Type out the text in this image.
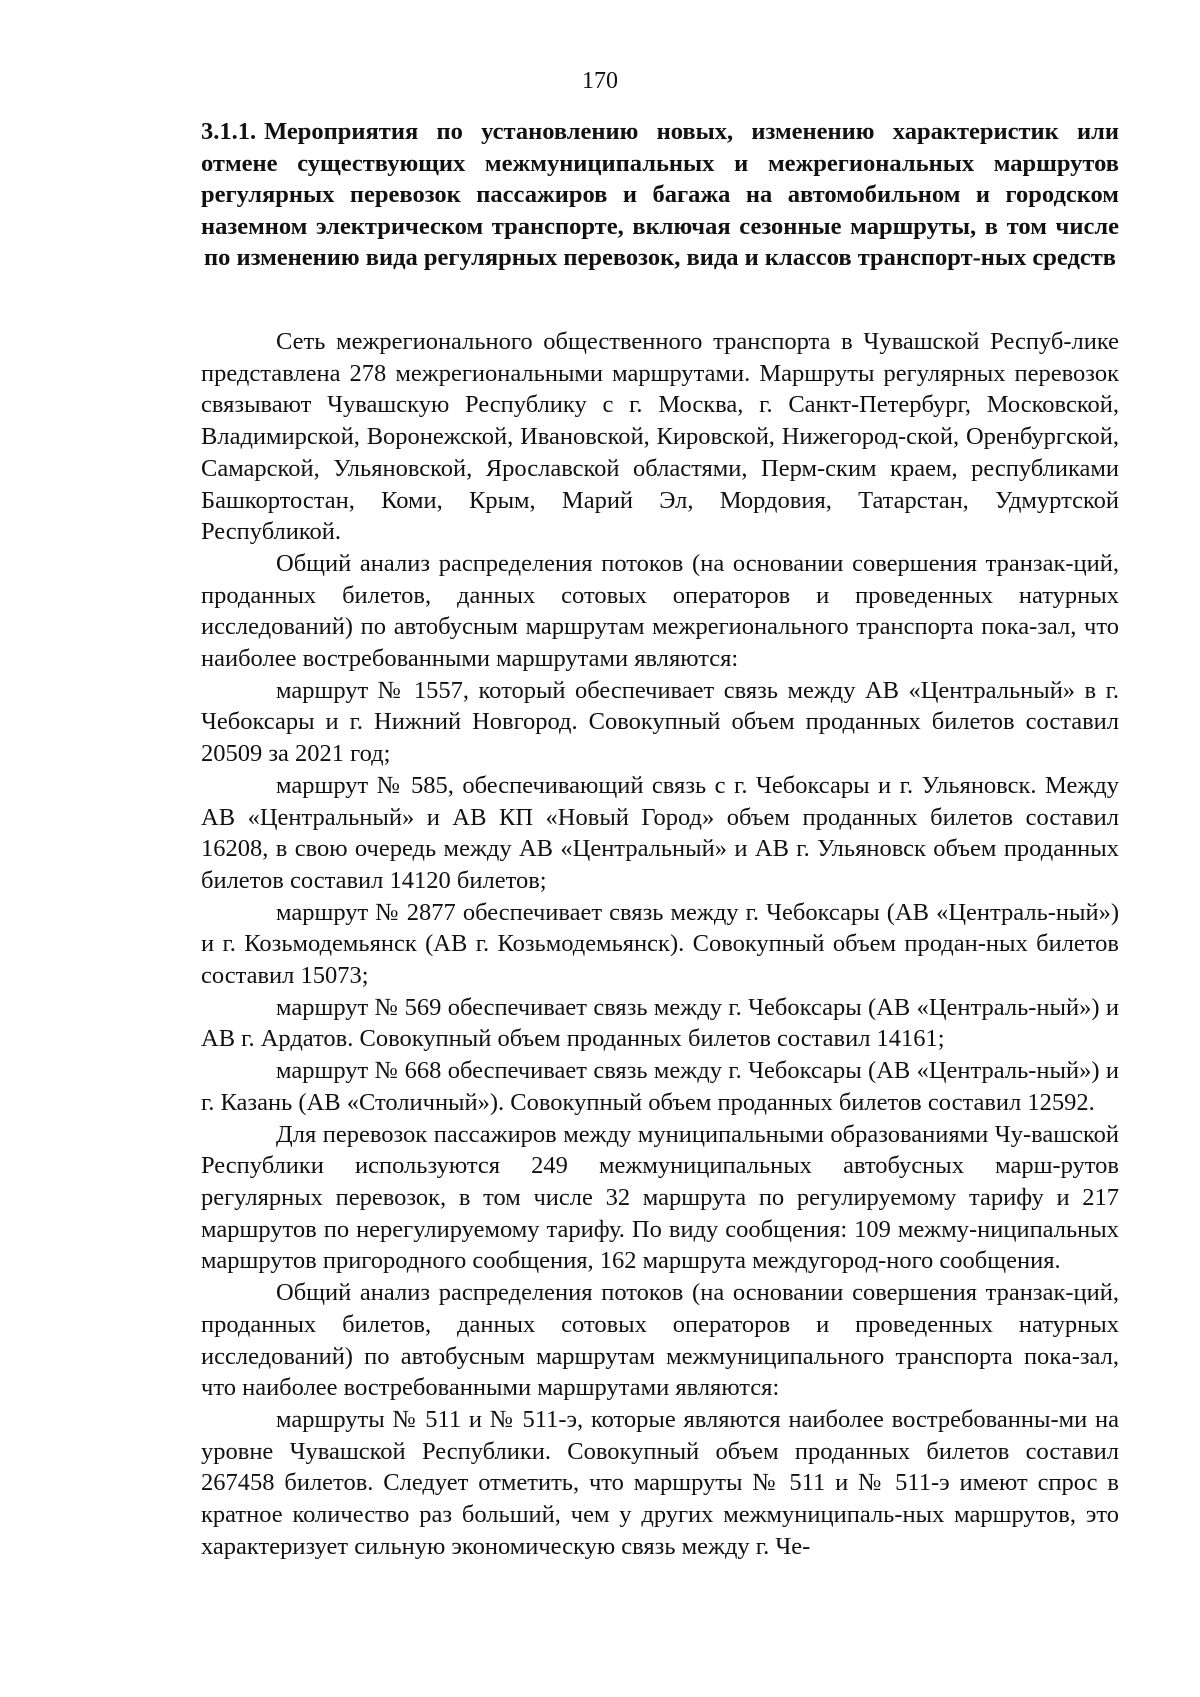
170
3.1.1. Мероприятия по установлению новых, изменению характеристик или отмене существующих межмуниципальных и межрегиональных маршрутов регулярных перевозок пассажиров и багажа на автомобильном и городском наземном электрическом транспорте, включая сезонные маршруты, в том числе по изменению вида регулярных перевозок, вида и классов транспорт-ных средств

Сеть межрегионального общественного транспорта в Чувашской Респуб-лике представлена 278 межрегиональными маршрутами. Маршруты регулярных перевозок связывают Чувашскую Республику с г. Москва, г. Санкт-Петербург, Московской, Владимирской, Воронежской, Ивановской, Кировской, Нижегород-ской, Оренбургской, Самарской, Ульяновской, Ярославской областями, Перм-ским краем, республиками Башкортостан, Коми, Крым, Марий Эл, Мордовия, Татарстан, Удмуртской Республикой.

Общий анализ распределения потоков (на основании совершения транзак-ций, проданных билетов, данных сотовых операторов и проведенных натурных исследований) по автобусным маршрутам межрегионального транспорта пока-зал, что наиболее востребованными маршрутами являются:

маршрут № 1557, который обеспечивает связь между АВ «Центральный» в г. Чебоксары и г. Нижний Новгород. Совокупный объем проданных билетов составил 20509 за 2021 год;

маршрут № 585, обеспечивающий связь с г. Чебоксары и г. Ульяновск. Между АВ «Центральный» и АВ КП «Новый Город» объем проданных билетов составил 16208, в свою очередь между АВ «Центральный» и АВ г. Ульяновск объем проданных билетов составил 14120 билетов;

маршрут № 2877 обеспечивает связь между г. Чебоксары (АВ «Централь-ный») и г. Козьмодемьянск (АВ г. Козьмодемьянск). Совокупный объем продан-ных билетов составил 15073;

маршрут № 569 обеспечивает связь между г. Чебоксары (АВ «Централь-ный») и АВ г. Ардатов. Совокупный объем проданных билетов составил 14161;

маршрут № 668 обеспечивает связь между г. Чебоксары (АВ «Централь-ный») и г. Казань (АВ «Столичный»). Совокупный объем проданных билетов составил 12592.

Для перевозок пассажиров между муниципальными образованиями Чу-вашской Республики используются 249 межмуниципальных автобусных марш-рутов регулярных перевозок, в том числе 32 маршрута по регулируемому тарифу и 217 маршрутов по нерегулируемому тарифу. По виду сообщения: 109 межму-ниципальных маршрутов пригородного сообщения, 162 маршрута междугород-ного сообщения.

Общий анализ распределения потоков (на основании совершения транзак-ций, проданных билетов, данных сотовых операторов и проведенных натурных исследований) по автобусным маршрутам межмуниципального транспорта пока-зал, что наиболее востребованными маршрутами являются:

маршруты № 511 и № 511-э, которые являются наиболее востребованны-ми на уровне Чувашской Республики. Совокупный объем проданных билетов составил 267458 билетов. Следует отметить, что маршруты № 511 и № 511-э имеют спрос в кратное количество раз больший, чем у других межмуниципаль-ных маршрутов, это характеризует сильную экономическую связь между г. Че-
